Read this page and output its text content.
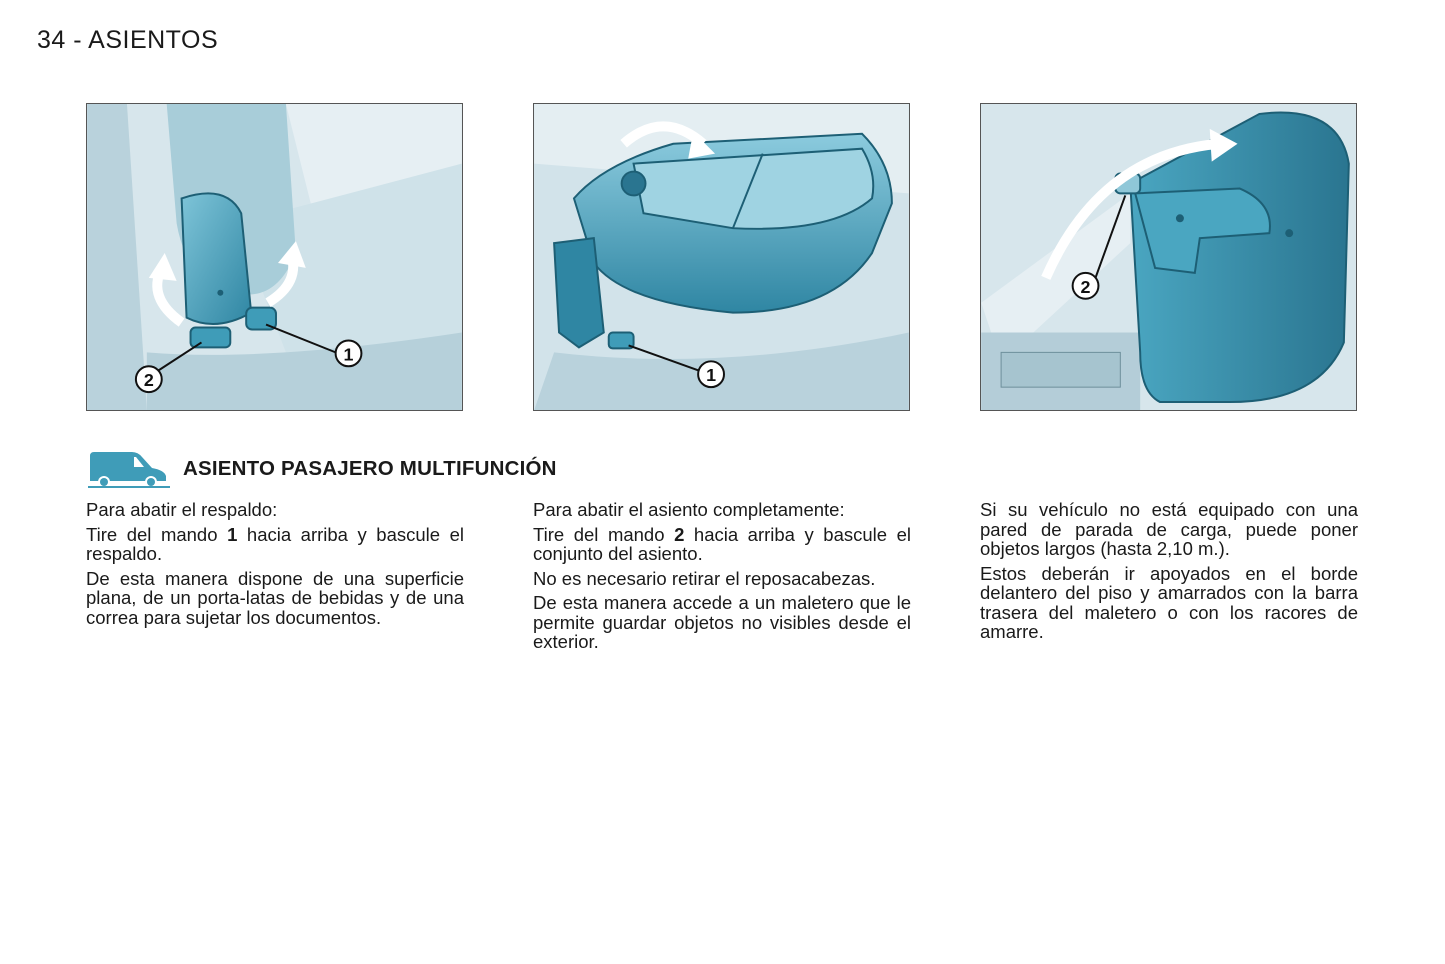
34 - ASIENTOS
1
2	1
2
ASIENTO PASAJERO MULTIFUNCIÓN

Para abatir el respaldo:

Tire del mando 1 hacia arriba y bascule el respaldo.

De esta manera dispone de una superficie plana, de un porta-latas de bebidas y de una correa para sujetar los documentos.

Para abatir el asiento completamente:

Tire del mando 2 hacia arriba y bascule el conjunto del asiento.

No es necesario retirar el reposacabezas.

De esta manera accede a un maletero que le permite guardar objetos no visibles desde el exterior.

Si su vehículo no está equipado con una pared de parada de carga, puede poner objetos largos (hasta 2,10 m.).

Estos deberán ir apoyados en el borde delantero del piso y amarrados con la barra trasera del maletero o con los racores de amarre.
